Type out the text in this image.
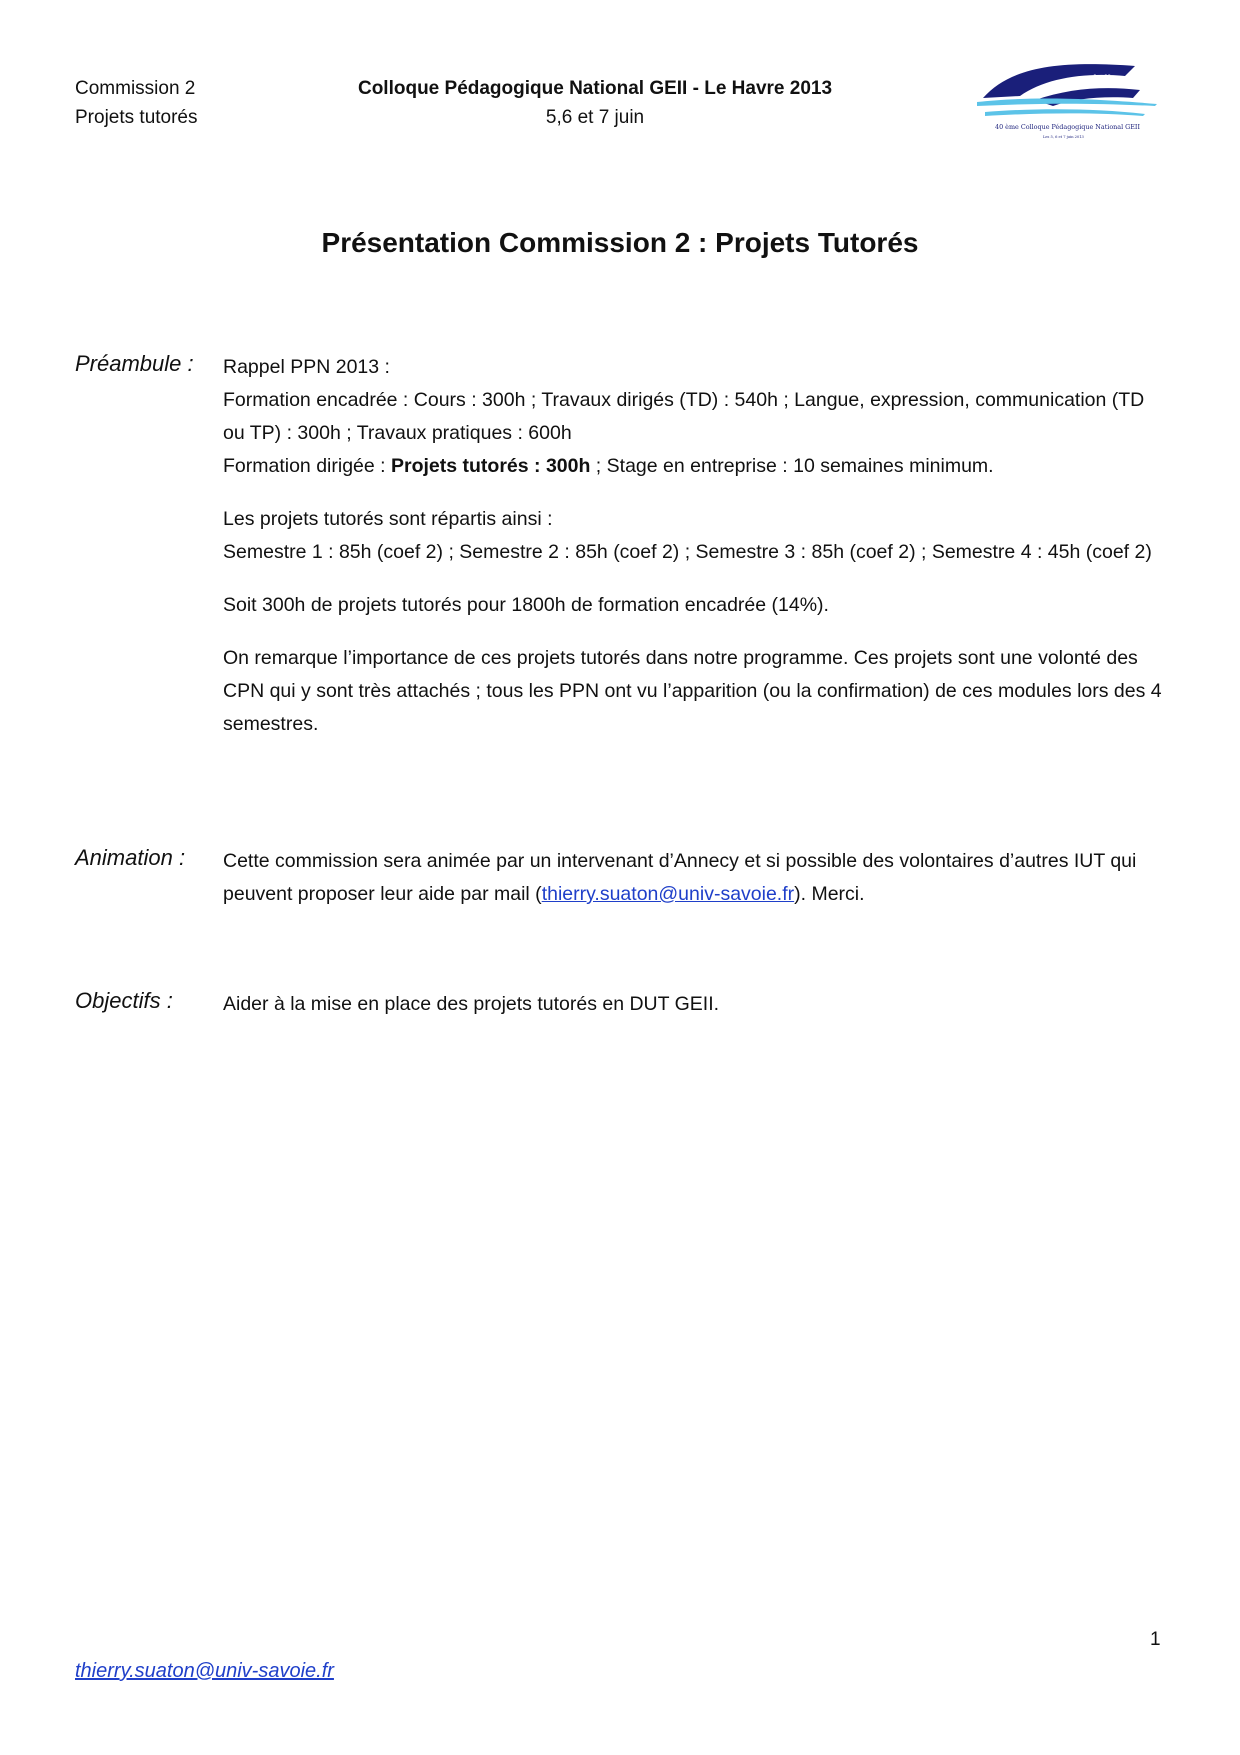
Commission 2
Projets tutorés
Colloque Pédagogique National GEII - Le Havre 2013
5,6 et 7 juin
Le Havre
40 ème Colloque Pédagogique National GEII
Les 5, 6 et 7 juin 2013
Présentation Commission 2 : Projets Tutorés
Préambule : Rappel PPN 2013 :
Formation encadrée : Cours : 300h ; Travaux dirigés (TD) : 540h ; Langue, expression, communication (TD ou TP) : 300h ; Travaux pratiques : 600h
Formation dirigée : Projets tutorés : 300h ; Stage en entreprise : 10 semaines minimum.

Les projets tutorés sont répartis ainsi :
Semestre 1 : 85h (coef 2) ; Semestre 2 : 85h (coef 2) ; Semestre 3 : 85h (coef 2) ; Semestre 4 : 45h (coef 2)

Soit 300h de projets tutorés pour 1800h de formation encadrée (14%).

On remarque l’importance de ces projets tutorés dans notre programme. Ces projets sont une volonté des CPN qui y sont très attachés ; tous les PPN ont vu l’apparition (ou la confirmation) de ces modules lors des 4 semestres.

Animation : Cette commission sera animée par un intervenant d’Annecy et si possible des volontaires d’autres IUT qui peuvent proposer leur aide par mail (thierry.suaton@univ-savoie.fr). Merci.

Objectifs :	Aider à la mise en place des projets tutorés en DUT GEII.

1
thierry.suaton@univ-savoie.fr
